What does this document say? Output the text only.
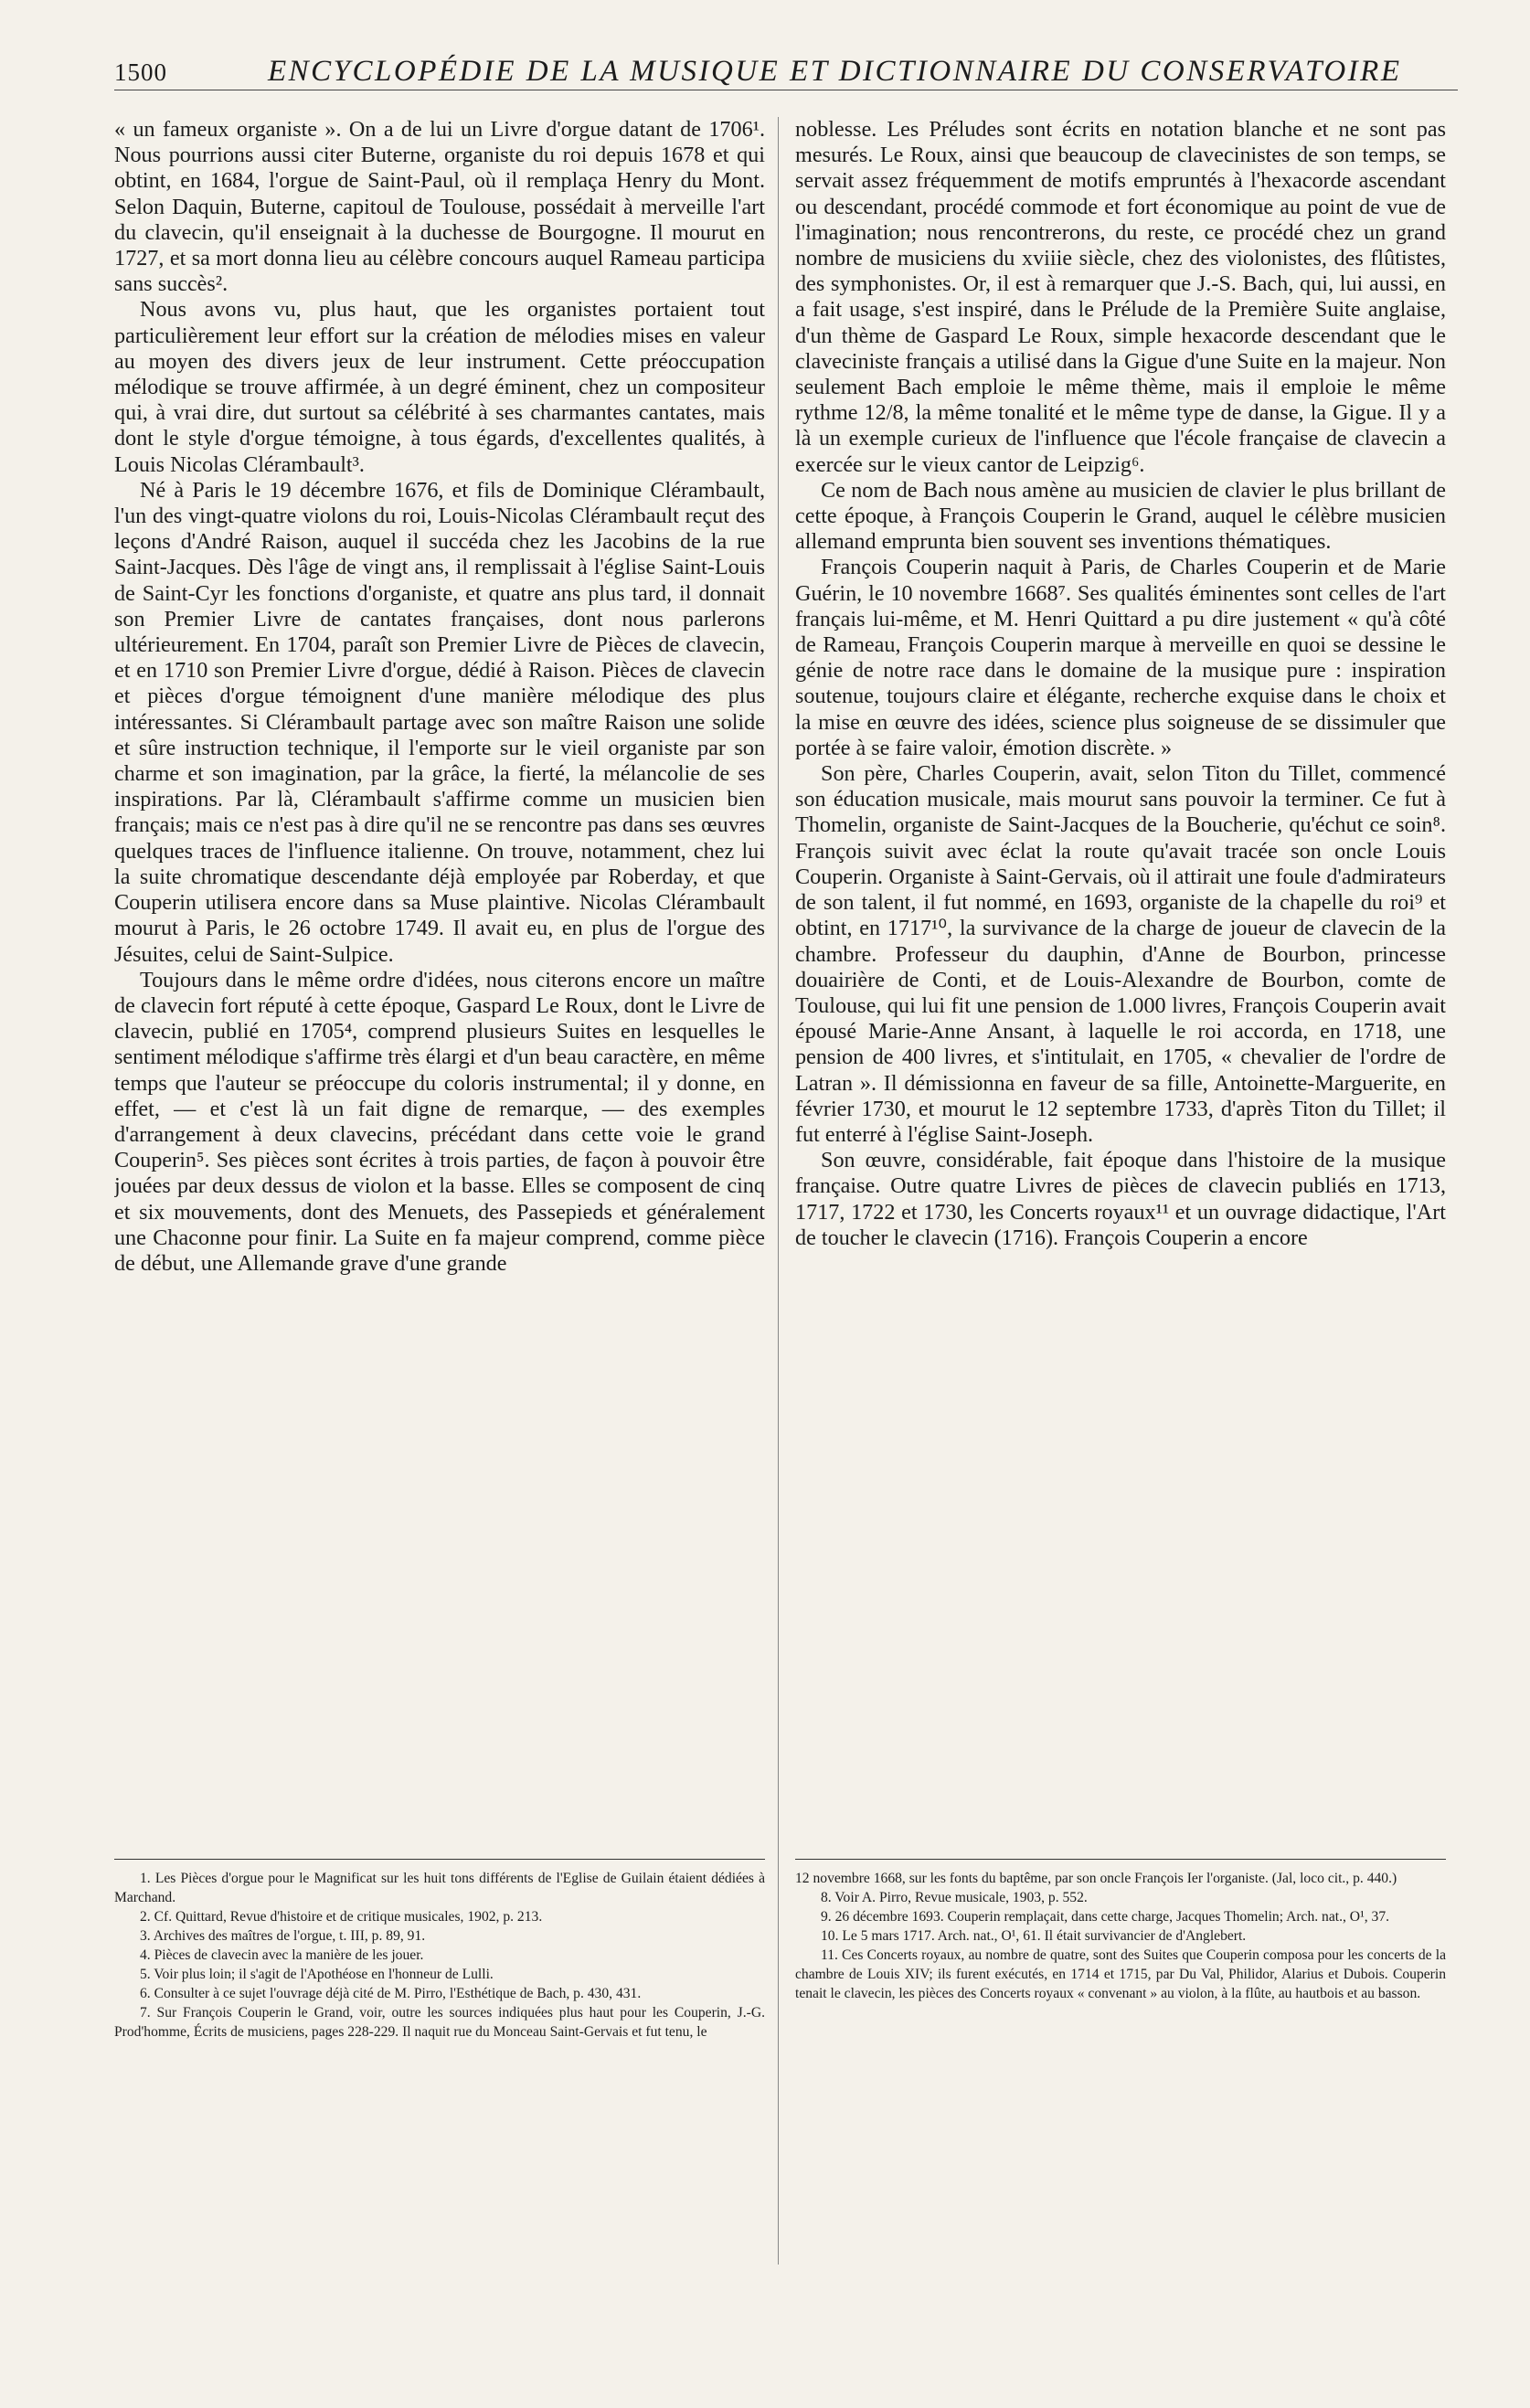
1500	ENCYCLOPÉDIE DE LA MUSIQUE ET DICTIONNAIRE DU CONSERVATOIRE

« un fameux organiste ». On a de lui un Livre d'orgue datant de 1706¹. Nous pourrions aussi citer Buterne, organiste du roi depuis 1678 et qui obtint, en 1684, l'orgue de Saint-Paul, où il remplaça Henry du Mont. Selon Daquin, Buterne, capitoul de Toulouse, possédait à merveille l'art du clavecin, qu'il enseignait à la duchesse de Bourgogne. Il mourut en 1727, et sa mort donna lieu au célèbre concours auquel Rameau participa sans succès².

Nous avons vu, plus haut, que les organistes portaient tout particulièrement leur effort sur la création de mélodies mises en valeur au moyen des divers jeux de leur instrument. Cette préoccupation mélodique se trouve affirmée, à un degré éminent, chez un compositeur qui, à vrai dire, dut surtout sa célébrité à ses charmantes cantates, mais dont le style d'orgue témoigne, à tous égards, d'excellentes qualités, à Louis Nicolas Clérambault³.

Né à Paris le 19 décembre 1676, et fils de Dominique Clérambault, l'un des vingt-quatre violons du roi, Louis-Nicolas Clérambault reçut des leçons d'André Raison, auquel il succéda chez les Jacobins de la rue Saint-Jacques. Dès l'âge de vingt ans, il remplissait à l'église Saint-Louis de Saint-Cyr les fonctions d'organiste, et quatre ans plus tard, il donnait son Premier Livre de cantates françaises, dont nous parlerons ultérieurement. En 1704, paraît son Premier Livre de Pièces de clavecin, et en 1710 son Premier Livre d'orgue, dédié à Raison. Pièces de clavecin et pièces d'orgue témoignent d'une manière mélodique des plus intéressantes. Si Clérambault partage avec son maître Raison une solide et sûre instruction technique, il l'emporte sur le vieil organiste par son charme et son imagination, par la grâce, la fierté, la mélancolie de ses inspirations. Par là, Clérambault s'affirme comme un musicien bien français; mais ce n'est pas à dire qu'il ne se rencontre pas dans ses œuvres quelques traces de l'influence italienne. On trouve, notamment, chez lui la suite chromatique descendante déjà employée par Roberday, et que Couperin utilisera encore dans sa Muse plaintive. Nicolas Clérambault mourut à Paris, le 26 octobre 1749. Il avait eu, en plus de l'orgue des Jésuites, celui de Saint-Sulpice.

Toujours dans le même ordre d'idées, nous citerons encore un maître de clavecin fort réputé à cette époque, Gaspard Le Roux, dont le Livre de clavecin, publié en 1705⁴, comprend plusieurs Suites en lesquelles le sentiment mélodique s'affirme très élargi et d'un beau caractère, en même temps que l'auteur se préoccupe du coloris instrumental; il y donne, en effet, — et c'est là un fait digne de remarque, — des exemples d'arrangement à deux clavecins, précédant dans cette voie le grand Couperin⁵. Ses pièces sont écrites à trois parties, de façon à pouvoir être jouées par deux dessus de violon et la basse. Elles se composent de cinq et six mouvements, dont des Menuets, des Passepieds et généralement une Chaconne pour finir. La Suite en fa majeur comprend, comme pièce de début, une Allemande grave d'une grande

1. Les Pièces d'orgue pour le Magnificat sur les huit tons différents de l'Eglise de Guilain étaient dédiées à Marchand.

2. Cf. Quittard, Revue d'histoire et de critique musicales, 1902, p. 213.

3. Archives des maîtres de l'orgue, t. III, p. 89, 91.

4. Pièces de clavecin avec la manière de les jouer.

5. Voir plus loin; il s'agit de l'Apothéose en l'honneur de Lulli.

6. Consulter à ce sujet l'ouvrage déjà cité de M. Pirro, l'Esthétique de Bach, p. 430, 431.

7. Sur François Couperin le Grand, voir, outre les sources indiquées plus haut pour les Couperin, J.-G. Prod'homme, Écrits de musiciens, pages 228-229. Il naquit rue du Monceau Saint-Gervais et fut tenu, le

noblesse. Les Préludes sont écrits en notation blanche et ne sont pas mesurés. Le Roux, ainsi que beaucoup de clavecinistes de son temps, se servait assez fréquemment de motifs empruntés à l'hexacorde ascendant ou descendant, procédé commode et fort économique au point de vue de l'imagination; nous rencontrerons, du reste, ce procédé chez un grand nombre de musiciens du xviiie siècle, chez des violonistes, des flûtistes, des symphonistes. Or, il est à remarquer que J.-S. Bach, qui, lui aussi, en a fait usage, s'est inspiré, dans le Prélude de la Première Suite anglaise, d'un thème de Gaspard Le Roux, simple hexacorde descendant que le claveciniste français a utilisé dans la Gigue d'une Suite en la majeur. Non seulement Bach emploie le même thème, mais il emploie le même rythme 12/8, la même tonalité et le même type de danse, la Gigue. Il y a là un exemple curieux de l'influence que l'école française de clavecin a exercée sur le vieux cantor de Leipzig⁶.

Ce nom de Bach nous amène au musicien de clavier le plus brillant de cette époque, à François Couperin le Grand, auquel le célèbre musicien allemand emprunta bien souvent ses inventions thématiques.

François Couperin naquit à Paris, de Charles Couperin et de Marie Guérin, le 10 novembre 1668⁷. Ses qualités éminentes sont celles de l'art français lui-même, et M. Henri Quittard a pu dire justement « qu'à côté de Rameau, François Couperin marque à merveille en quoi se dessine le génie de notre race dans le domaine de la musique pure : inspiration soutenue, toujours claire et élégante, recherche exquise dans le choix et la mise en œuvre des idées, science plus soigneuse de se dissimuler que portée à se faire valoir, émotion discrète. »

Son père, Charles Couperin, avait, selon Titon du Tillet, commencé son éducation musicale, mais mourut sans pouvoir la terminer. Ce fut à Thomelin, organiste de Saint-Jacques de la Boucherie, qu'échut ce soin⁸. François suivit avec éclat la route qu'avait tracée son oncle Louis Couperin. Organiste à Saint-Gervais, où il attirait une foule d'admirateurs de son talent, il fut nommé, en 1693, organiste de la chapelle du roi⁹ et obtint, en 1717¹⁰, la survivance de la charge de joueur de clavecin de la chambre. Professeur du dauphin, d'Anne de Bourbon, princesse douairière de Conti, et de Louis-Alexandre de Bourbon, comte de Toulouse, qui lui fit une pension de 1.000 livres, François Couperin avait épousé Marie-Anne Ansant, à laquelle le roi accorda, en 1718, une pension de 400 livres, et s'intitulait, en 1705, « chevalier de l'ordre de Latran ». Il démissionna en faveur de sa fille, Antoinette-Marguerite, en février 1730, et mourut le 12 septembre 1733, d'après Titon du Tillet; il fut enterré à l'église Saint-Joseph.

Son œuvre, considérable, fait époque dans l'histoire de la musique française. Outre quatre Livres de pièces de clavecin publiés en 1713, 1717, 1722 et 1730, les Concerts royaux¹¹ et un ouvrage didactique, l'Art de toucher le clavecin (1716). François Couperin a encore

12 novembre 1668, sur les fonts du baptême, par son oncle François Ier l'organiste. (Jal, loco cit., p. 440.)

8. Voir A. Pirro, Revue musicale, 1903, p. 552.

9. 26 décembre 1693. Couperin remplaçait, dans cette charge, Jacques Thomelin; Arch. nat., O¹, 37.

10. Le 5 mars 1717. Arch. nat., O¹, 61. Il était survivancier de d'Anglebert.

11. Ces Concerts royaux, au nombre de quatre, sont des Suites que Couperin composa pour les concerts de la chambre de Louis XIV; ils furent exécutés, en 1714 et 1715, par Du Val, Philidor, Alarius et Dubois. Couperin tenait le clavecin, les pièces des Concerts royaux « convenant » au violon, à la flûte, au hautbois et au basson.
